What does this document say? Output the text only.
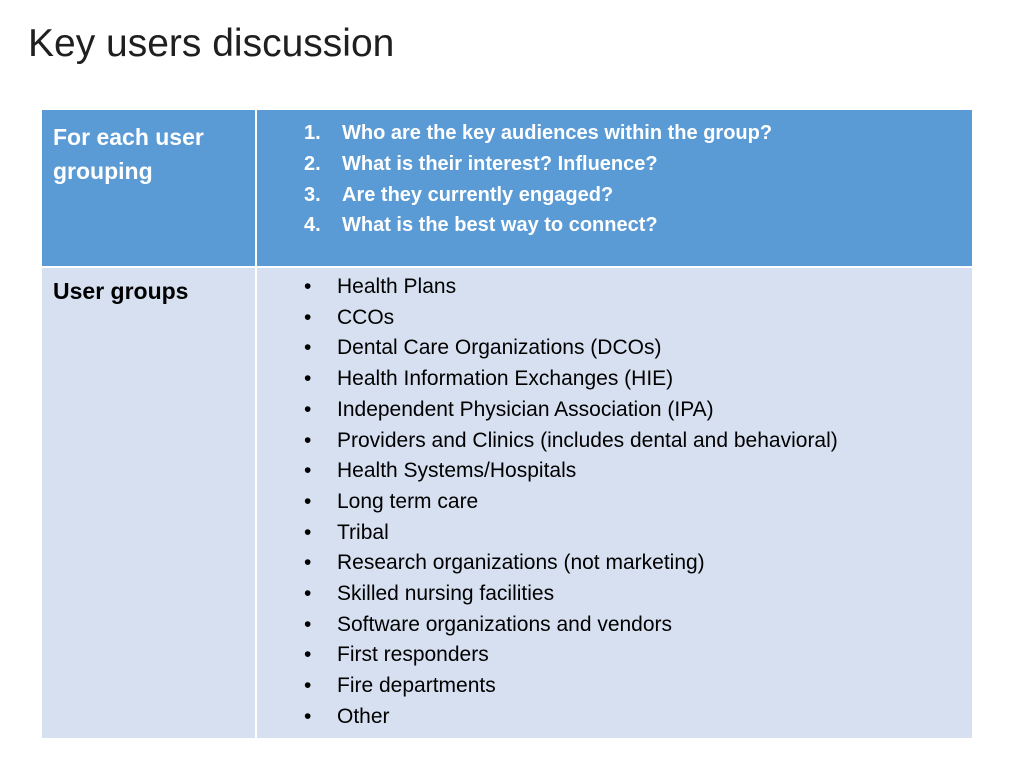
Key users discussion
For each user grouping
User groups
1. Who are the key audiences within the group?
2. What is their interest? Influence?
3. Are they currently engaged?
4. What is the best way to connect?
• Health Plans
• CCOs
• Dental Care Organizations (DCOs)
• Health Information Exchanges (HIE)
• Independent Physician Association (IPA)
• Providers and Clinics (includes dental and behavioral)
• Health Systems/Hospitals
• Long term care
• Tribal
• Research organizations (not marketing)
• Skilled nursing facilities
• Software organizations and vendors
• First responders
• Fire departments
• Other
